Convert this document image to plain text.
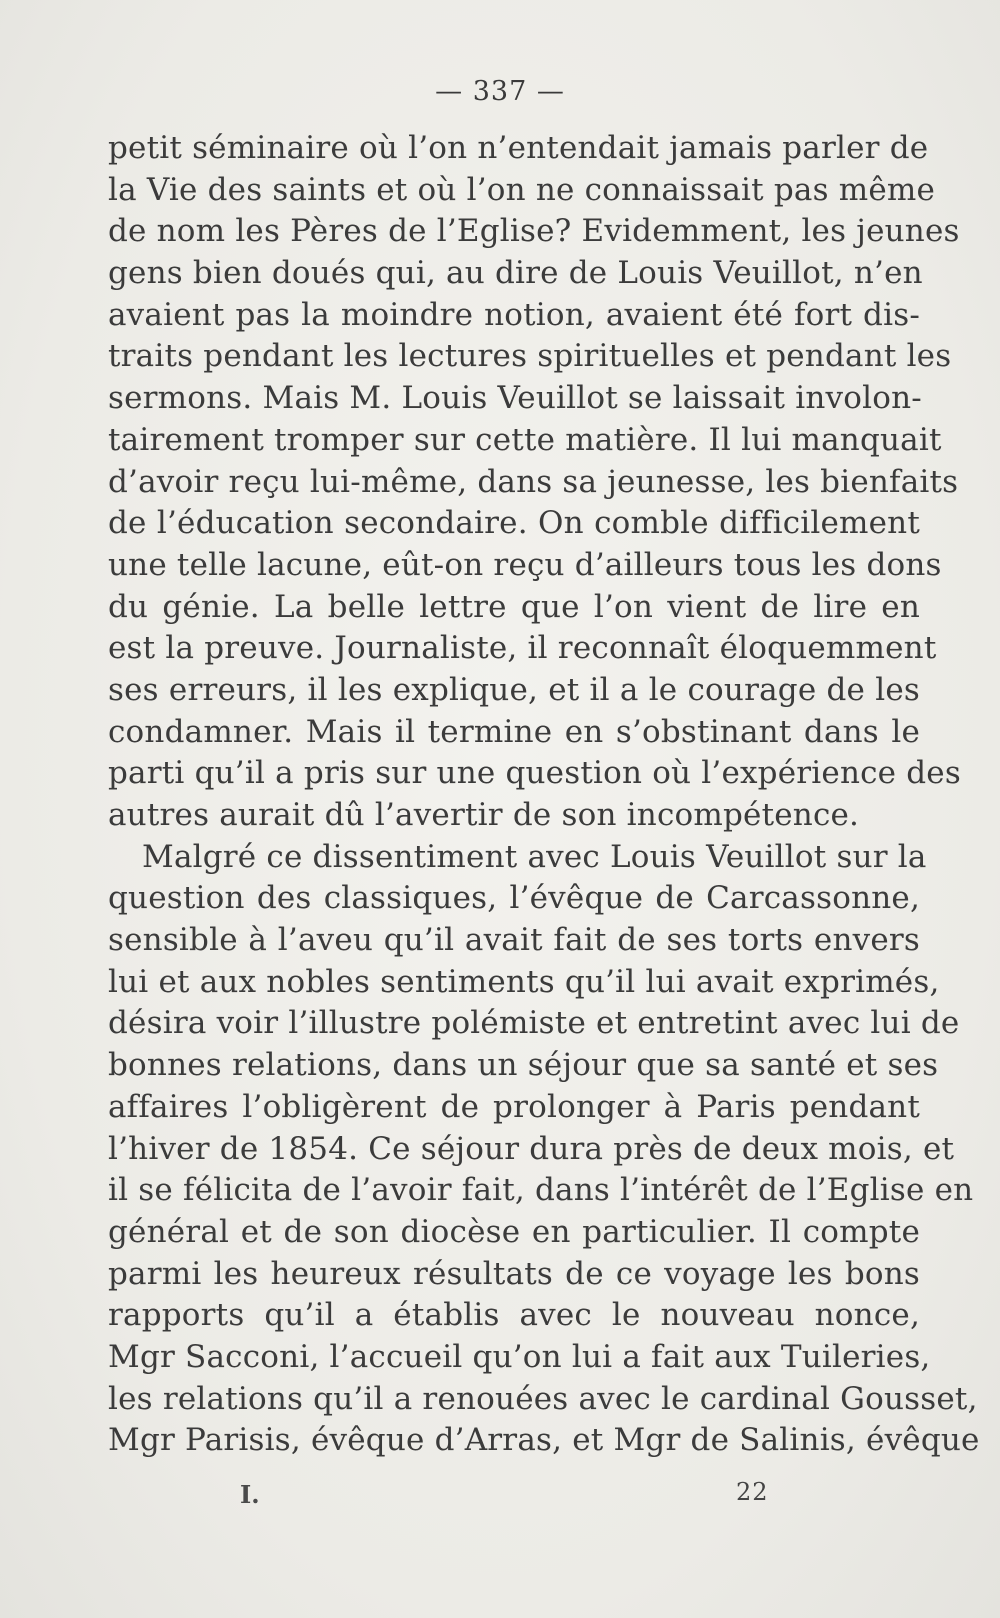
— 337 —
petit séminaire où l’on n’entendait jamais parler de
la Vie des saints et où l’on ne connaissait pas même
de nom les Pères de l’Eglise? Evidemment, les jeunes
gens bien doués qui, au dire de Louis Veuillot, n’en
avaient pas la moindre notion, avaient été fort dis-
traits pendant les lectures spirituelles et pendant les
sermons. Mais M. Louis Veuillot se laissait involon-
tairement tromper sur cette matière. Il lui manquait
d’avoir reçu lui-même, dans sa jeunesse, les bienfaits
de l’éducation secondaire. On comble difficilement
une telle lacune, eût-on reçu d’ailleurs tous les dons
du génie. La belle lettre que l’on vient de lire en
est la preuve. Journaliste, il reconnaît éloquemment
ses erreurs, il les explique, et il a le courage de les
condamner. Mais il termine en s’obstinant dans le
parti qu’il a pris sur une question où l’expérience des
autres aurait dû l’avertir de son incompétence.
Malgré ce dissentiment avec Louis Veuillot sur la
question des classiques, l’évêque de Carcassonne,
sensible à l’aveu qu’il avait fait de ses torts envers
lui et aux nobles sentiments qu’il lui avait exprimés,
désira voir l’illustre polémiste et entretint avec lui de
bonnes relations, dans un séjour que sa santé et ses
affaires l’obligèrent de prolonger à Paris pendant
l’hiver de 1854. Ce séjour dura près de deux mois, et
il se félicita de l’avoir fait, dans l’intérêt de l’Eglise en
général et de son diocèse en particulier. Il compte
parmi les heureux résultats de ce voyage les bons
rapports qu’il a établis avec le nouveau nonce,
Mgr Sacconi, l’accueil qu’on lui a fait aux Tuileries,
les relations qu’il a renouées avec le cardinal Gousset,
Mgr Parisis, évêque d’Arras, et Mgr de Salinis, évêque
I.	22
